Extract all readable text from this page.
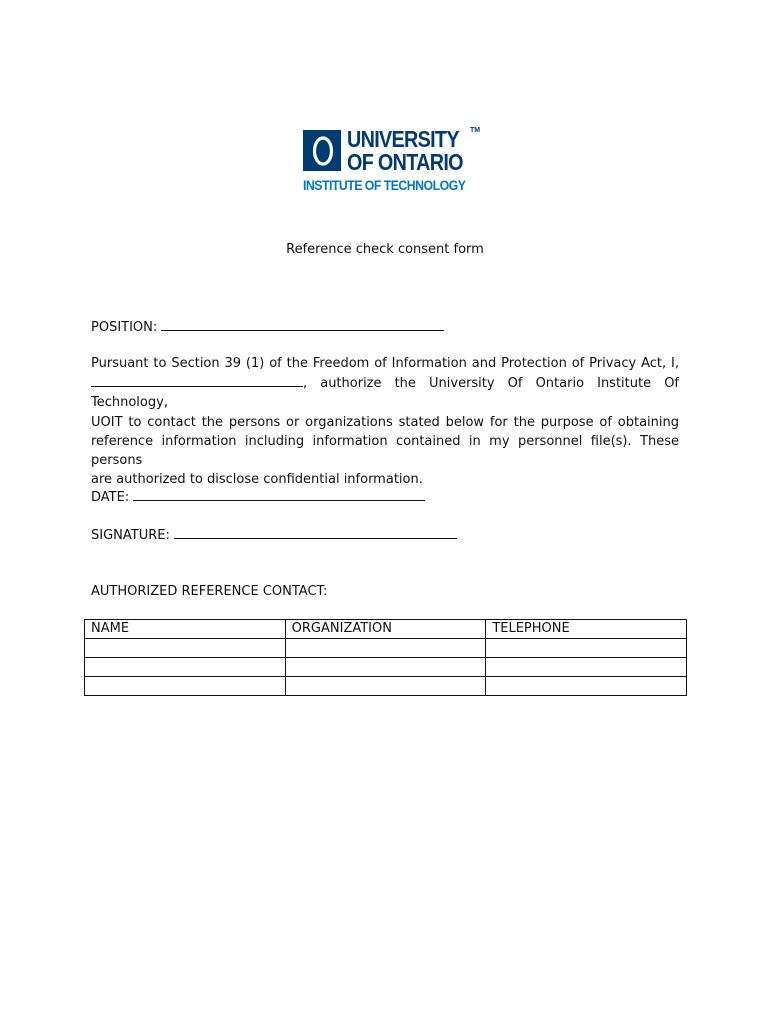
UNIVERSITY TM
OF ONTARIO
INSTITUTE OF TECHNOLOGY
Reference check consent form
POSITION:

Pursuant to Section 39 (1) of the Freedom of Information and Protection of Privacy Act, I,

, authorize the University Of Ontario Institute Of Technology,

UOIT to contact the persons or organizations stated below for the purpose of obtaining

reference information including information contained in my personnel file(s). These persons

are authorized to disclose confidential information.

DATE:
SIGNATURE:
AUTHORIZED REFERENCE CONTACT:
NAME	ORGANIZATION	TELEPHONE
